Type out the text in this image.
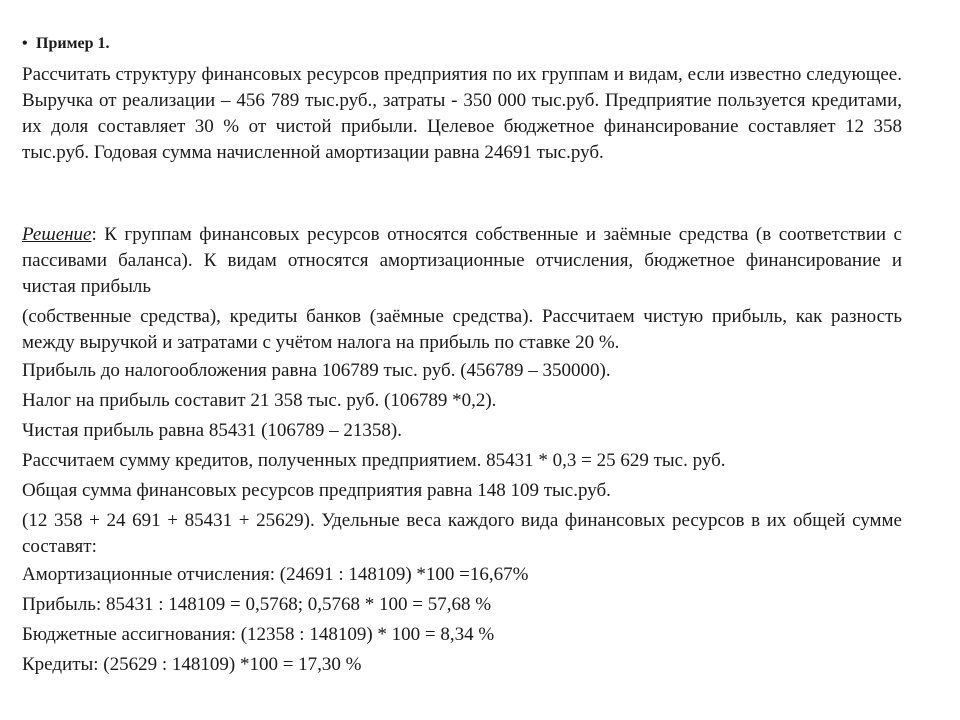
• Пример 1.
Рассчитать структуру финансовых ресурсов предприятия по их группам и видам, если известно следующее. Выручка от реализации – 456 789 тыс.руб., затраты - 350 000 тыс.руб. Предприятие пользуется кредитами, их доля составляет 30 % от чистой прибыли. Целевое бюджетное финансирование составляет 12 358 тыс.руб. Годовая сумма начисленной амортизации равна 24691 тыс.руб.
Решение: К группам финансовых ресурсов относятся собственные и заёмные средства (в соответствии с пассивами баланса). К видам относятся амортизационные отчисления, бюджетное финансирование и чистая прибыль
(собственные средства), кредиты банков (заёмные средства). Рассчитаем чистую прибыль, как разность между выручкой и затратами с учётом налога на прибыль по ставке 20 %.
Прибыль до налогообложения равна 106789 тыс. руб. (456789 – 350000).
Налог на прибыль составит 21 358 тыс. руб. (106789 *0,2).
Чистая прибыль равна 85431 (106789 – 21358).
Рассчитаем сумму кредитов, полученных предприятием. 85431 * 0,3 = 25 629 тыс. руб.
Общая сумма финансовых ресурсов предприятия равна 148 109 тыс.руб.
(12 358 + 24 691 + 85431 + 25629). Удельные веса каждого вида финансовых ресурсов в их общей сумме составят:
Амортизационные отчисления: (24691 : 148109) *100 =16,67%
Прибыль: 85431 : 148109 = 0,5768; 0,5768 * 100 = 57,68 %
Бюджетные ассигнования: (12358 : 148109) * 100 = 8,34 %
Кредиты: (25629 : 148109) *100 = 17,30 %
